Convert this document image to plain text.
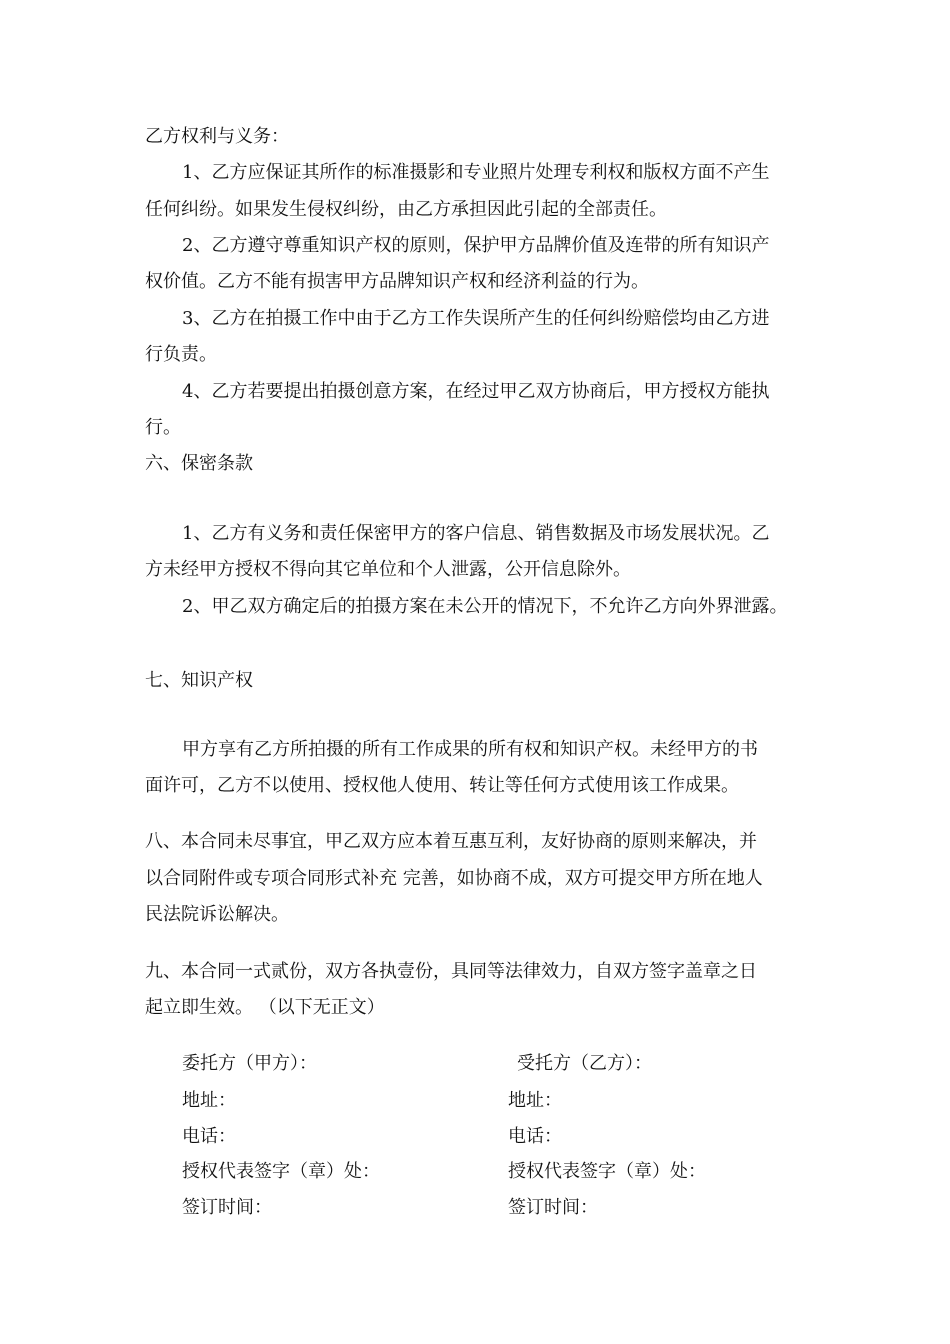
乙方权利与义务：
1、乙方应保证其所作的标准摄影和专业照片处理专利权和版权方面不产生
任何纠纷。如果发生侵权纠纷，由乙方承担因此引起的全部责任。
2、乙方遵守尊重知识产权的原则，保护甲方品牌价值及连带的所有知识产
权价值。乙方不能有损害甲方品牌知识产权和经济利益的行为。
3、乙方在拍摄工作中由于乙方工作失误所产生的任何纠纷赔偿均由乙方进
行负责。
4、乙方若要提出拍摄创意方案，在经过甲乙双方协商后，甲方授权方能执
行。
六、保密条款
1、乙方有义务和责任保密甲方的客户信息、销售数据及市场发展状况。乙
方未经甲方授权不得向其它单位和个人泄露，公开信息除外。
2、甲乙双方确定后的拍摄方案在未公开的情况下，不允许乙方向外界泄露。
七、知识产权
甲方享有乙方所拍摄的所有工作成果的所有权和知识产权。未经甲方的书
面许可，乙方不以使用、授权他人使用、转让等任何方式使用该工作成果。
八、本合同未尽事宜，甲乙双方应本着互惠互利，友好协商的原则来解决，并
以合同附件或专项合同形式补充 完善，如协商不成，双方可提交甲方所在地人
民法院诉讼解决。
九、本合同一式贰份，双方各执壹份，具同等法律效力，自双方签字盖章之日
起立即生效。 （以下无正文）
委托方（甲方）：	受托方（乙方）：
地址：	地址：
电话：	电话：
授权代表签字（章）处：	授权代表签字（章）处：
签订时间：	签订时间：
